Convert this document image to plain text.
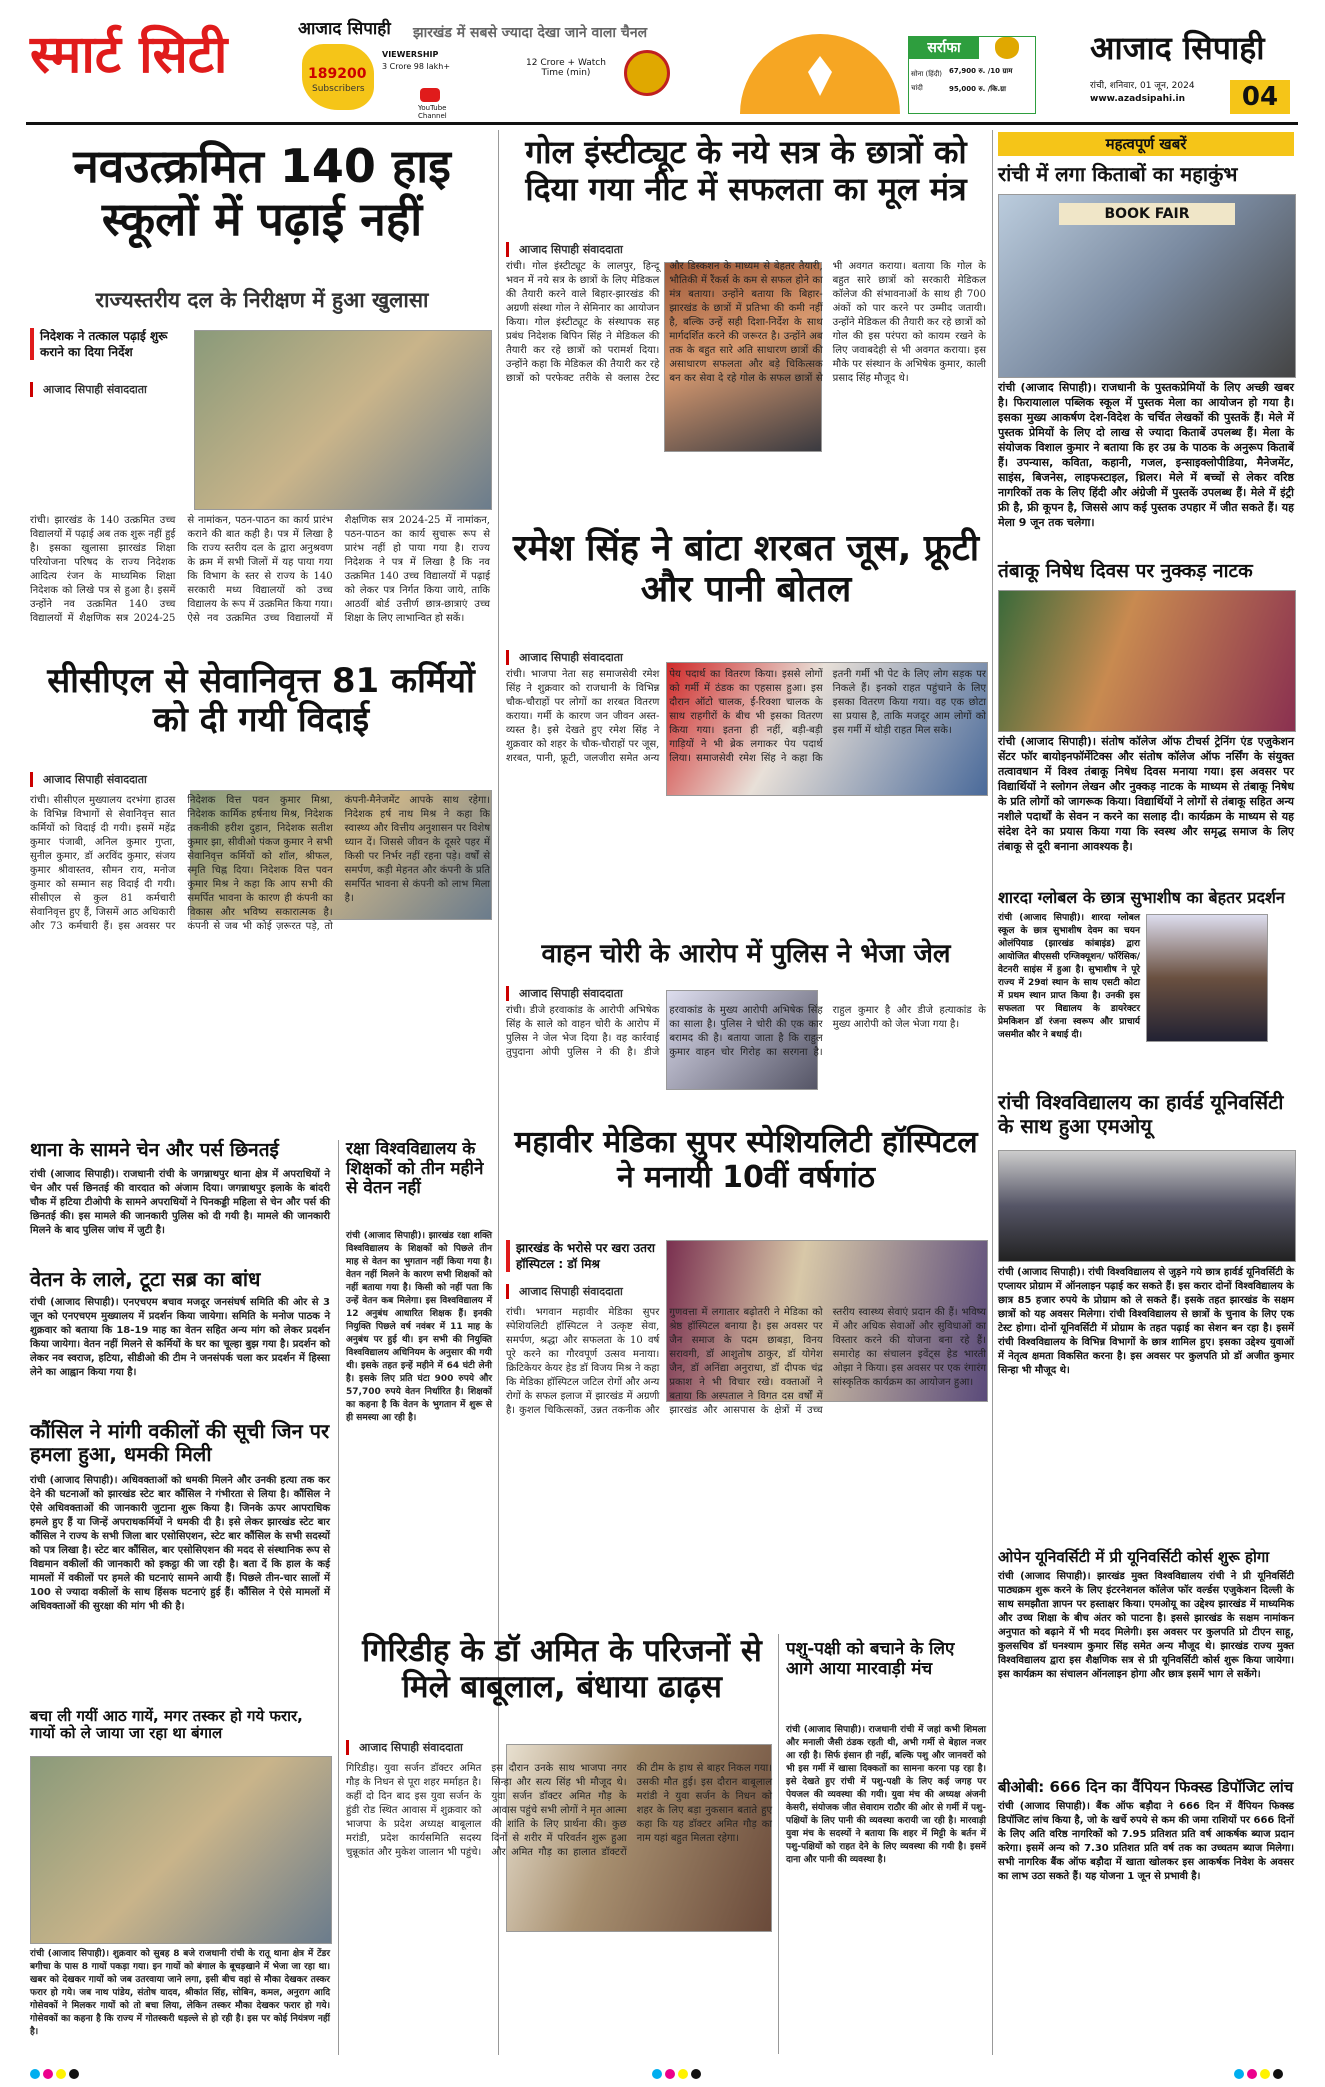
स्मार्ट सिटी	आजाद सिपाही झारखंड में सबसे ज्यादा देखा जाने वाला चैनल
189200
Subscribers
VIEWERSHIP
3 Crore 98 lakh+
YouTube Channel
12 Crore + Watch Time (min)
सर्राफा
सोना (हिंदी) चांदी
67,900 रु. /10 ग्राम
95,000 रु. /कि.ग्रा
आजाद सिपाही
रांची, शनिवार, 01 जून, 2024
www.azadsipahi.in	04
नवउत्क्रमित 140 हाइ स्कूलों में पढ़ाई नहीं
राज्यस्तरीय दल के निरीक्षण में हुआ खुलासा
निदेशक ने तत्काल पढ़ाई शुरू कराने का दिया निर्देश
आजाद सिपाही संवाददाता
रांची। झारखंड के 140 उत्क्रमित उच्च विद्यालयों में पढ़ाई अब तक शुरू नहीं हुई है। इसका खुलासा झारखंड शिक्षा परियोजना परिषद के राज्य निदेशक आदित्य रंजन के माध्यमिक शिक्षा निदेशक को लिखे पत्र से हुआ है। इसमें उन्होंने नव उत्क्रमित 140 उच्च विद्यालयों में शैक्षणिक सत्र 2024-25 से नामांकन, पठन-पाठन का कार्य प्रारंभ कराने की बात कही है। पत्र में लिखा है कि राज्य स्तरीय दल के द्वारा अनुश्रवण के क्रम में सभी जिलों में यह पाया गया कि विभाग के स्तर से राज्य के 140 सरकारी मध्य विद्यालयों को उच्च विद्यालय के रूप में उत्क्रमित किया गया। ऐसे नव उत्क्रमित उच्च विद्यालयों में शैक्षणिक सत्र 2024-25 में नामांकन, पठन-पाठन का कार्य सुचारू रूप से प्रारंभ नहीं हो पाया गया है। राज्य निदेशक ने पत्र में लिखा है कि नव उत्क्रमित 140 उच्च विद्यालयों में पढ़ाई को लेकर पत्र निर्गत किया जाये, ताकि आठवीं बोर्ड उत्तीर्ण छात्र-छात्राएं उच्च शिक्षा के लिए लाभान्वित हो सकें।
सीसीएल से सेवानिवृत्त 81 कर्मियों को दी गयी विदाई
आजाद सिपाही संवाददाता
रांची। सीसीएल मुख्यालय दरभंगा हाउस के विभिन्न विभागों से सेवानिवृत्त सात कर्मियों को विदाई दी गयी। इसमें महेंद्र कुमार पंजाबी, अनिल कुमार गुप्ता, सुनील कुमार, डॉ अरविंद कुमार, संजय कुमार श्रीवास्तव, सौमन राय, मनोज कुमार को सम्मान सह विदाई दी गयी। सीसीएल से कुल 81 कर्मचारी सेवानिवृत्त हुए हैं, जिसमें आठ अधिकारी और 73 कर्मचारी हैं। इस अवसर पर निदेशक वित्त पवन कुमार मिश्रा, निदेशक कार्मिक हर्षनाथ मिश्र, निदेशक तकनीकी हरीश दुहान, निदेशक सतीश कुमार झा, सीवीओ पंकज कुमार ने सभी सेवानिवृत्त कर्मियों को शॉल, श्रीफल, स्मृति चिह्न दिया। निदेशक वित्त पवन कुमार मिश्र ने कहा कि आप सभी की समर्पित भावना के कारण ही कंपनी का विकास और भविष्य सकारात्मक है। कंपनी से जब भी कोई ज़रूरत पड़े, तो कंपनी-मैनेजमेंट आपके साथ रहेगा। निदेशक हर्ष नाथ मिश्र ने कहा कि स्वास्थ्य और वित्तीय अनुशासन पर विशेष ध्यान दें। जिससे जीवन के दूसरे पहर में किसी पर निर्भर नहीं रहना पड़े। वर्षों से समर्पण, कड़ी मेहनत और कंपनी के प्रति समर्पित भावना से कंपनी को लाभ मिला है।
थाना के सामने चेन और पर्स छिनतई
रांची (आजाद सिपाही)। राजधानी रांची के जगन्नाथपुर थाना क्षेत्र में अपराधियों ने चेन और पर्स छिनतई की वारदात को अंजाम दिया। जगन्नाथपुर इलाके के बांदरी चौक में हटिया टीओपी के सामने अपराधियों ने पिनकड्डी महिला से चेन और पर्स की छिनतई की। इस मामले की जानकारी पुलिस को दी गयी है। मामले की जानकारी मिलने के बाद पुलिस जांच में जुटी है।
वेतन के लाले, टूटा सब्र का बांध
रांची (आजाद सिपाही)। एनएचएम बचाव मजदूर जनसंघर्ष समिति की ओर से 3 जून को एनएचएम मुख्यालय में प्रदर्शन किया जायेगा। समिति के मनोज पाठक ने शुक्रवार को बताया कि 18-19 माह का वेतन सहित अन्य मांग को लेकर प्रदर्शन किया जायेगा। वेतन नहीं मिलने से कर्मियों के घर का चूल्हा बुझ गया है। प्रदर्शन को लेकर नव स्वराज, हटिया, सीडीओ की टीम ने जनसंपर्क चला कर प्रदर्शन में हिस्सा लेने का आह्वान किया गया है।
कौंसिल ने मांगी वकीलों की सूची जिन पर हमला हुआ, धमकी मिली
रांची (आजाद सिपाही)। अधिवक्ताओं को धमकी मिलने और उनकी हत्या तक कर देने की घटनाओं को झारखंड स्टेट बार कौंसिल ने गंभीरता से लिया है। कौंसिल ने ऐसे अधिवक्ताओं की जानकारी जुटाना शुरू किया है। जिनके ऊपर आपराधिक हमले हुए हैं या जिन्हें अपराधकर्मियों ने धमकी दी है। इसे लेकर झारखंड स्टेट बार कौंसिल ने राज्य के सभी जिला बार एसोसिएशन, स्टेट बार कौंसिल के सभी सदस्यों को पत्र लिखा है। स्टेट बार कौंसिल, बार एसोसिएशन की मदद से संस्थानिक रूप से विद्यमान वकीलों की जानकारी को इकट्ठा की जा रही है। बता दें कि हाल के कई मामलों में वकीलों पर हमले की घटनाएं सामने आयी हैं। पिछले तीन-चार सालों में 100 से ज्यादा वकीलों के साथ हिंसक घटनाएं हुई हैं। कौंसिल ने ऐसे मामलों में अधिवक्ताओं की सुरक्षा की मांग भी की है।
बचा ली गयीं आठ गायें, मगर तस्कर हो गये फरार, गायों को ले जाया जा रहा था बंगाल
रांची (आजाद सिपाही)। शुक्रवार को सुबह 8 बजे राजधानी रांची के रातू थाना क्षेत्र में टेंडर बगीचा के पास 8 गायों पकड़ा गया। इन गायों को बंगाल के बूचड़खाने में भेजा जा रहा था। खबर को देखकर गायों को जब उतरवाया जाने लगा, इसी बीच वहां से मौका देखकर तस्कर फरार हो गये। जब नाथ पांडेय, संतोष यादव, श्रीकांत सिंह, सोबिन, कमल, अनुराग आदि गोसेवकों ने मिलकर गायों को तो बचा लिया, लेकिन तस्कर मौका देखकर फरार हो गये। गोसेवकों का कहना है कि राज्य में गोतस्करी धड़ल्ले से हो रही है। इस पर कोई नियंत्रण नहीं है।
रक्षा विश्वविद्यालय के शिक्षकों को तीन महीने से वेतन नहीं
रांची (आजाद सिपाही)। झारखंड रक्षा शक्ति विश्वविद्यालय के शिक्षकों को पिछले तीन माह से वेतन का भुगतान नहीं किया गया है। वेतन नहीं मिलने के कारण सभी शिक्षकों को नहीं बताया गया है। किसी को नहीं पता कि उन्हें वेतन कब मिलेगा। इस विश्वविद्यालय में 12 अनुबंध आधारित शिक्षक हैं। इनकी नियुक्ति पिछले वर्ष नवंबर में 11 माह के अनुबंध पर हुई थी। इन सभी की नियुक्ति विश्वविद्यालय अधिनियम के अनुसार की गयी थी। इसके तहत इन्हें महीने में 64 घंटी लेनी है। इसके लिए प्रति घंटा 900 रुपये और 57,700 रुपये वेतन निर्धारित है। शिक्षकों का कहना है कि वेतन के भुगतान में शुरू से ही समस्या आ रही है।
गोल इंस्टीट्यूट के नये सत्र के छात्रों को दिया गया नीट में सफलता का मूल मंत्र
आजाद सिपाही संवाददाता
रांची। गोल इंस्टीट्यूट के लालपुर, हिन्दू भवन में नये सत्र के छात्रों के लिए मेडिकल की तैयारी करने वाले बिहार-झारखंड की अग्रणी संस्था गोल ने सेमिनार का आयोजन किया। गोल इंस्टीट्यूट के संस्थापक सह प्रबंध निदेशक बिपिन सिंह ने मेडिकल की तैयारी कर रहे छात्रों को परामर्श दिया। उन्होंने कहा कि मेडिकल की तैयारी कर रहे छात्रों को परफेक्ट तरीके से क्लास टेस्ट और डिस्कशन के माध्यम से बेहतर तैयारी, भौतिकी में रैंकर्स के कम से सफल होने का मंत्र बताया। उन्होंने बताया कि बिहार-झारखंड के छात्रों में प्रतिभा की कमी नहीं है, बल्कि उन्हें सही दिशा-निर्देश के साथ मार्गदर्शित करने की जरूरत है। उन्होंने अब तक के बहुत सारे अति साधारण छात्रों की असाधारण सफलता और बड़े चिकित्सक बन कर सेवा दे रहे गोल के सफल छात्रों से भी अवगत कराया। बताया कि गोल के बहुत सारे छात्रों को सरकारी मेडिकल कॉलेज की संभावनाओं के साथ ही 700 अंकों को पार करने पर उम्मीद जतायी। उन्होंने मेडिकल की तैयारी कर रहे छात्रों को गोल की इस परंपरा को कायम रखने के लिए जवाबदेही से भी अवगत कराया। इस मौके पर संस्थान के अभिषेक कुमार, काली प्रसाद सिंह मौजूद थे।
रमेश सिंह ने बांटा शरबत जूस, फ्रूटी और पानी बोतल
आजाद सिपाही संवाददाता
रांची। भाजपा नेता सह समाजसेवी रमेश सिंह ने शुक्रवार को राजधानी के विभिन्न चौक-चौराहों पर लोगों का शरबत वितरण कराया। गर्मी के कारण जन जीवन अस्त-व्यस्त है। इसे देखते हुए रमेश सिंह ने शुक्रवार को शहर के चौक-चौराहों पर जूस, शरबत, पानी, फ्रूटी, जलजीरा समेत अन्य पेय पदार्थ का वितरण किया। इससे लोगों को गर्मी में ठंडक का एहसास हुआ। इस दौरान ऑटो चालक, ई-रिक्शा चालक के साथ राहगीरों के बीच भी इसका वितरण किया गया। इतना ही नहीं, बड़ी-बड़ी गाड़ियों ने भी ब्रेक लगाकर पेय पदार्थ लिया। समाजसेवी रमेश सिंह ने कहा कि इतनी गर्मी भी पेट के लिए लोग सड़क पर निकले हैं। इनको राहत पहुंचाने के लिए इसका वितरण किया गया। वह एक छोटा सा प्रयास है, ताकि मजदूर आम लोगों को इस गर्मी में थोड़ी राहत मिल सके।
वाहन चोरी के आरोप में पुलिस ने भेजा जेल
आजाद सिपाही संवाददाता
रांची। डीजे हरवाकांड के आरोपी अभिषेक सिंह के साले को वाहन चोरी के आरोप में पुलिस ने जेल भेज दिया है। वह कार्रवाई तुपुदाना ओपी पुलिस ने की है। डीजे हरवाकांड के मुख्य आरोपी अभिषेक सिंह का साला है। पुलिस ने चोरी की एक कार बरामद की है। बताया जाता है कि राहुल कुमार वाहन चोर गिरोह का सरगना है। राहुल कुमार है और डीजे हत्याकांड के मुख्य आरोपी को जेल भेजा गया है।
महावीर मेडिका सुपर स्पेशियलिटी हॉस्पिटल ने मनायी 10वीं वर्षगांठ
झारखंड के भरोसे पर खरा उतरा हॉस्पिटल : डॉ मिश्र
आजाद सिपाही संवाददाता
रांची। भगवान महावीर मेडिका सुपर स्पेशियलिटी हॉस्पिटल ने उत्कृष्ट सेवा, समर्पण, श्रद्धा और सफलता के 10 वर्ष पूरे करने का गौरवपूर्ण उत्सव मनाया। क्रिटिकेयर केयर हेड डॉ विजय मिश्र ने कहा कि मेडिका हॉस्पिटल जटिल रोगों और अन्य रोगों के सफल इलाज में झारखंड में अग्रणी है। कुशल चिकित्सकों, उन्नत तकनीक और गुणवत्ता में लगातार बढ़ोतरी ने मेडिका को श्रेष्ठ हॉस्पिटल बनाया है। इस अवसर पर जैन समाज के पदम छाबड़ा, विनय सरावगी, डॉ आशुतोष ठाकुर, डॉ योगेश जैन, डॉ अनिंद्या अनुराधा, डॉ दीपक चंद्र प्रकाश ने भी विचार रखे। वक्ताओं ने बताया कि अस्पताल ने विगत दस वर्षों में झारखंड और आसपास के क्षेत्रों में उच्च स्तरीय स्वास्थ्य सेवाएं प्रदान की हैं। भविष्य में और अधिक सेवाओं और सुविधाओं का विस्तार करने की योजना बना रहे हैं। समारोह का संचालन इवेंट्स हेड भारती ओझा ने किया। इस अवसर पर एक रंगारंग सांस्कृतिक कार्यक्रम का आयोजन हुआ।
गिरिडीह के डॉ अमित के परिजनों से मिले बाबूलाल, बंधाया ढाढ़स
आजाद सिपाही संवाददाता
गिरिडीह। युवा सर्जन डॉक्टर अमित गौड़ के निधन से पूरा शहर मर्माहत है। कहीं दो दिन बाद इस युवा सर्जन के हुंडी रोड स्थित आवास में शुक्रवार को भाजपा के प्रदेश अध्यक्ष बाबूलाल मरांडी, प्रदेश कार्यसमिति सदस्य चुन्नूकांत और मुकेश जालान भी पहुंचे। इस दौरान उनके साथ भाजपा नगर सिन्हा और सत्य सिंह भी मौजूद थे। युवा सर्जन डॉक्टर अमित गौड़ के आवास पहुंचे सभी लोगों ने मृत आत्मा की शांति के लिए प्रार्थना की। कुछ दिनों से शरीर में परिवर्तन शुरू हुआ और अमित गौड़ का हालात डॉक्टरों की टीम के हाथ से बाहर निकल गया। उसकी मौत हुई। इस दौरान बाबूलाल मरांडी ने युवा सर्जन के निधन को शहर के लिए बड़ा नुकसान बताते हुए कहा कि यह डॉक्टर अमित गौड़ का नाम यहां बहुत मिलता रहेगा।
पशु-पक्षी को बचाने के लिए आगे आया मारवाड़ी मंच
रांची (आजाद सिपाही)। राजधानी रांची में जहां कभी शिमला और मनाली जैसी ठंडक रहती थी, अभी गर्मी से बेहाल नजर आ रही है। सिर्फ इंसान ही नहीं, बल्कि पशु और जानवरों को भी इस गर्मी में खासा दिक्कतों का सामना करना पड़ रहा है। इसे देखते हुए रांची में पशु-पक्षी के लिए कई जगह पर पेयजल की व्यवस्था की गयी। युवा मंच की अध्यक्ष अंजनी केसरी, संयोजक जीत सेवाराम राठौर की ओर से गर्मी में पशु-पक्षियों के लिए पानी की व्यवस्था करायी जा रही है। मारवाड़ी युवा मंच के सदस्यों ने बताया कि शहर में मिट्टी के बर्तन में पशु-पक्षियों को राहत देने के लिए व्यवस्था की गयी है। इसमें दाना और पानी की व्यवस्था है।
महत्वपूर्ण खबरें
रांची में लगा किताबों का महाकुंभ
BOOK FAIR
रांची (आजाद सिपाही)। राजधानी के पुस्तकप्रेमियों के लिए अच्छी खबर है। फिरायालाल पब्लिक स्कूल में पुस्तक मेला का आयोजन हो गया है। इसका मुख्य आकर्षण देश-विदेश के चर्चित लेखकों की पुस्तकें हैं। मेले में पुस्तक प्रेमियों के लिए दो लाख से ज्यादा किताबें उपलब्ध हैं। मेला के संयोजक विशाल कुमार ने बताया कि हर उम्र के पाठक के अनुरूप किताबें हैं। उपन्यास, कविता, कहानी, गजल, इन्साइक्लोपीडिया, मैनेजमेंट, साइंस, बिजनेस, लाइफस्टाइल, थ्रिलर। मेले में बच्चों से लेकर वरिष्ठ नागरिकों तक के लिए हिंदी और अंग्रेजी में पुस्तकें उपलब्ध हैं। मेले में इंट्री फ्री है, फ्री कूपन है, जिससे आप कई पुस्तक उपहार में जीत सकते हैं। यह मेला 9 जून तक चलेगा।
तंबाकू निषेध दिवस पर नुक्कड़ नाटक
रांची (आजाद सिपाही)। संतोष कॉलेज ऑफ टीचर्स ट्रेनिंग एंड एजुकेशन सेंटर फॉर बायोइनफॉर्मेटिक्स और संतोष कॉलेज ऑफ नर्सिंग के संयुक्त तत्वावधान में विश्व तंबाकू निषेध दिवस मनाया गया। इस अवसर पर विद्यार्थियों ने स्लोगन लेखन और नुक्कड़ नाटक के माध्यम से तंबाकू निषेध के प्रति लोगों को जागरूक किया। विद्यार्थियों ने लोगों से तंबाकू सहित अन्य नशीले पदार्थों के सेवन न करने का सलाह दी। कार्यक्रम के माध्यम से यह संदेश देने का प्रयास किया गया कि स्वस्थ और समृद्ध समाज के लिए तंबाकू से दूरी बनाना आवश्यक है।
शारदा ग्लोबल के छात्र सुभाशीष का बेहतर प्रदर्शन
रांची (आजाद सिपाही)। शारदा ग्लोबल स्कूल के छात्र सुभाशीष देवम का चयन ओलंपियाड (झारखंड कांबाइंड) द्वारा आयोजित बीएससी एग्जिक्यूशन/ फॉरेंसिक/वेटनरी साइंस में हुआ है। सुभाशीष ने पूरे राज्य में 29वां स्थान के साथ एसटी कोटा में प्रथम स्थान प्राप्त किया है। उनकी इस सफलता पर विद्यालय के डायरेक्टर प्रेमकिशन डॉ रंजना स्वरूप और प्राचार्य जसमीत कौर ने बधाई दी।
रांची विश्वविद्यालय का हार्वर्ड यूनिवर्सिटी के साथ हुआ एमओयू
रांची (आजाद सिपाही)। रांची विश्वविद्यालय से जुड़ने गये छात्र हार्वर्ड यूनिवर्सिटी के एप्लायर प्रोग्राम में ऑनलाइन पढ़ाई कर सकते हैं। इस करार दोनों विश्वविद्यालय के छात्र 85 हजार रुपये के प्रोग्राम को ले सकते हैं। इसके तहत झारखंड के सक्षम छात्रों को यह अवसर मिलेगा। रांची विश्वविद्यालय से छात्रों के चुनाव के लिए एक टेस्ट होगा। दोनों यूनिवर्सिटी में प्रोग्राम के तहत पढ़ाई का सेशन बन रहा है। इसमें रांची विश्वविद्यालय के विभिन्न विभागों के छात्र शामिल हुए। इसका उद्देश्य युवाओं में नेतृत्व क्षमता विकसित करना है। इस अवसर पर कुलपति प्रो डॉ अजीत कुमार सिन्हा भी मौजूद थे।
ओपेन यूनिवर्सिटी में प्री यूनिवर्सिटी कोर्स शुरू होगा
रांची (आजाद सिपाही)। झारखंड मुक्त विश्वविद्यालय रांची ने प्री यूनिवर्सिटी पाठ्यक्रम शुरू करने के लिए इंटरनेशनल कॉलेज फॉर वर्ल्डस एजुकेशन दिल्ली के साथ समझौता ज्ञापन पर हस्ताक्षर किया। एमओयू का उद्देश्य झारखंड में माध्यमिक और उच्च शिक्षा के बीच अंतर को पाटना है। इससे झारखंड के सक्षम नामांकन अनुपात को बढ़ाने में भी मदद मिलेगी। इस अवसर पर कुलपति प्रो टीएन साहू, कुलसचिव डॉ घनश्याम कुमार सिंह समेत अन्य मौजूद थे। झारखंड राज्य मुक्त विश्वविद्यालय द्वारा इस शैक्षणिक सत्र से प्री यूनिवर्सिटी कोर्स शुरू किया जायेगा। इस कार्यक्रम का संचालन ऑनलाइन होगा और छात्र इसमें भाग ले सकेंगे।
बीओबी: 666 दिन का वैंपियन फिक्स्ड डिपॉजिट लांच
रांची (आजाद सिपाही)। बैंक ऑफ बड़ौदा ने 666 दिन में वैंपियन फिक्स्ड डिपॉजिट लांच किया है, जो के खर्चे रुपये से कम की जमा राशियों पर 666 दिनों के लिए अति वरिष्ठ नागरिकों को 7.95 प्रतिशत प्रति वर्ष आकर्षक ब्याज प्रदान करेगा। इसमें अन्य को 7.30 प्रतिशत प्रति वर्ष तक का उच्चतम ब्याज मिलेगा। सभी नागरिक बैंक ऑफ बड़ौदा में खाता खोलकर इस आकर्षक निवेश के अवसर का लाभ उठा सकते हैं। यह योजना 1 जून से प्रभावी है।
